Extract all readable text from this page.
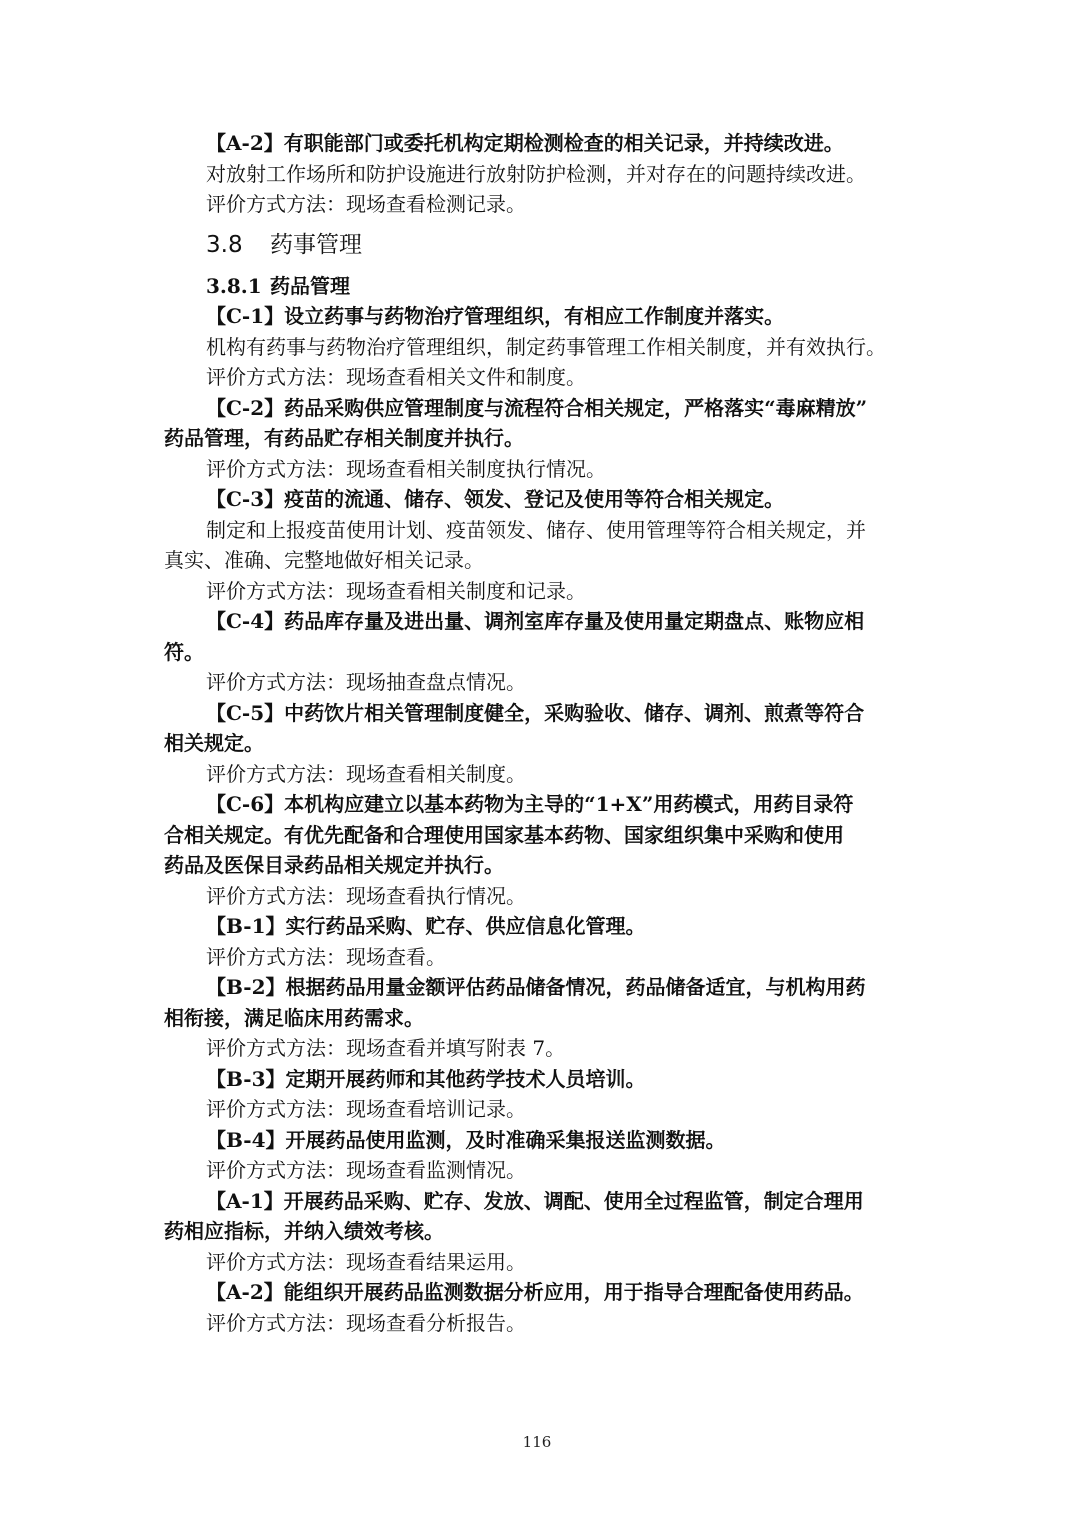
【A-2】有职能部门或委托机构定期检测检查的相关记录，并持续改进。

对放射工作场所和防护设施进行放射防护检测，并对存在的问题持续改进。

评价方式方法：现场查看检测记录。

3.8 药事管理

3.8.1 药品管理

【C-1】设立药事与药物治疗管理组织，有相应工作制度并落实。

机构有药事与药物治疗管理组织，制定药事管理工作相关制度，并有效执行。

评价方式方法：现场查看相关文件和制度。

【C-2】药品采购供应管理制度与流程符合相关规定，严格落实“毒麻精放”

药品管理，有药品贮存相关制度并执行。

评价方式方法：现场查看相关制度执行情况。

【C-3】疫苗的流通、储存、领发、登记及使用等符合相关规定。

制定和上报疫苗使用计划、疫苗领发、储存、使用管理等符合相关规定，并

真实、准确、完整地做好相关记录。

评价方式方法：现场查看相关制度和记录。

【C-4】药品库存量及进出量、调剂室库存量及使用量定期盘点、账物应相

符。

评价方式方法：现场抽查盘点情况。

【C-5】中药饮片相关管理制度健全，采购验收、储存、调剂、煎煮等符合

相关规定。

评价方式方法：现场查看相关制度。

【C-6】本机构应建立以基本药物为主导的“1+X”用药模式，用药目录符

合相关规定。有优先配备和合理使用国家基本药物、国家组织集中采购和使用

药品及医保目录药品相关规定并执行。

评价方式方法：现场查看执行情况。

【B-1】实行药品采购、贮存、供应信息化管理。

评价方式方法：现场查看。

【B-2】根据药品用量金额评估药品储备情况，药品储备适宜，与机构用药

相衔接，满足临床用药需求。

评价方式方法：现场查看并填写附表 7。

【B-3】定期开展药师和其他药学技术人员培训。

评价方式方法：现场查看培训记录。

【B-4】开展药品使用监测，及时准确采集报送监测数据。

评价方式方法：现场查看监测情况。

【A-1】开展药品采购、贮存、发放、调配、使用全过程监管，制定合理用

药相应指标，并纳入绩效考核。

评价方式方法：现场查看结果运用。

【A-2】能组织开展药品监测数据分析应用，用于指导合理配备使用药品。

评价方式方法：现场查看分析报告。

116
